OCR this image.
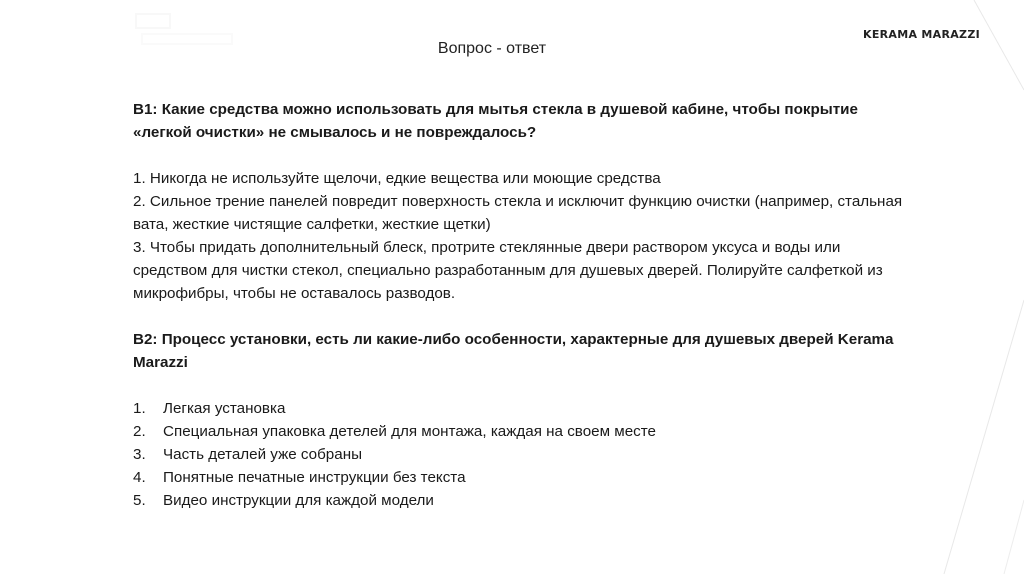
KERAMA MARAZZI
Вопрос - ответ

В1: Какие средства можно использовать для мытья стекла в душевой кабине, чтобы покрытие «легкой очистки» не смывалось и не повреждалось?

1. Никогда не используйте щелочи, едкие вещества или моющие средства

2. Сильное трение панелей повредит поверхность стекла и исключит функцию очистки (например, стальная вата, жесткие чистящие салфетки, жесткие щетки)

3. Чтобы придать дополнительный блеск, протрите стеклянные двери раствором уксуса и воды или средством для чистки стекол, специально разработанным для душевых дверей. Полируйте салфеткой из микрофибры, чтобы не оставалось разводов.

В2: Процесс установки, есть ли какие-либо особенности, характерные для душевых дверей Kerama Marazzi

1.	Легкая установка
2.	Специальная упаковка детелей для монтажа, каждая на своем месте
3.	Часть деталей уже собраны
4.	Понятные печатные инструкции без текста
5.	Видео инструкции для каждой модели
